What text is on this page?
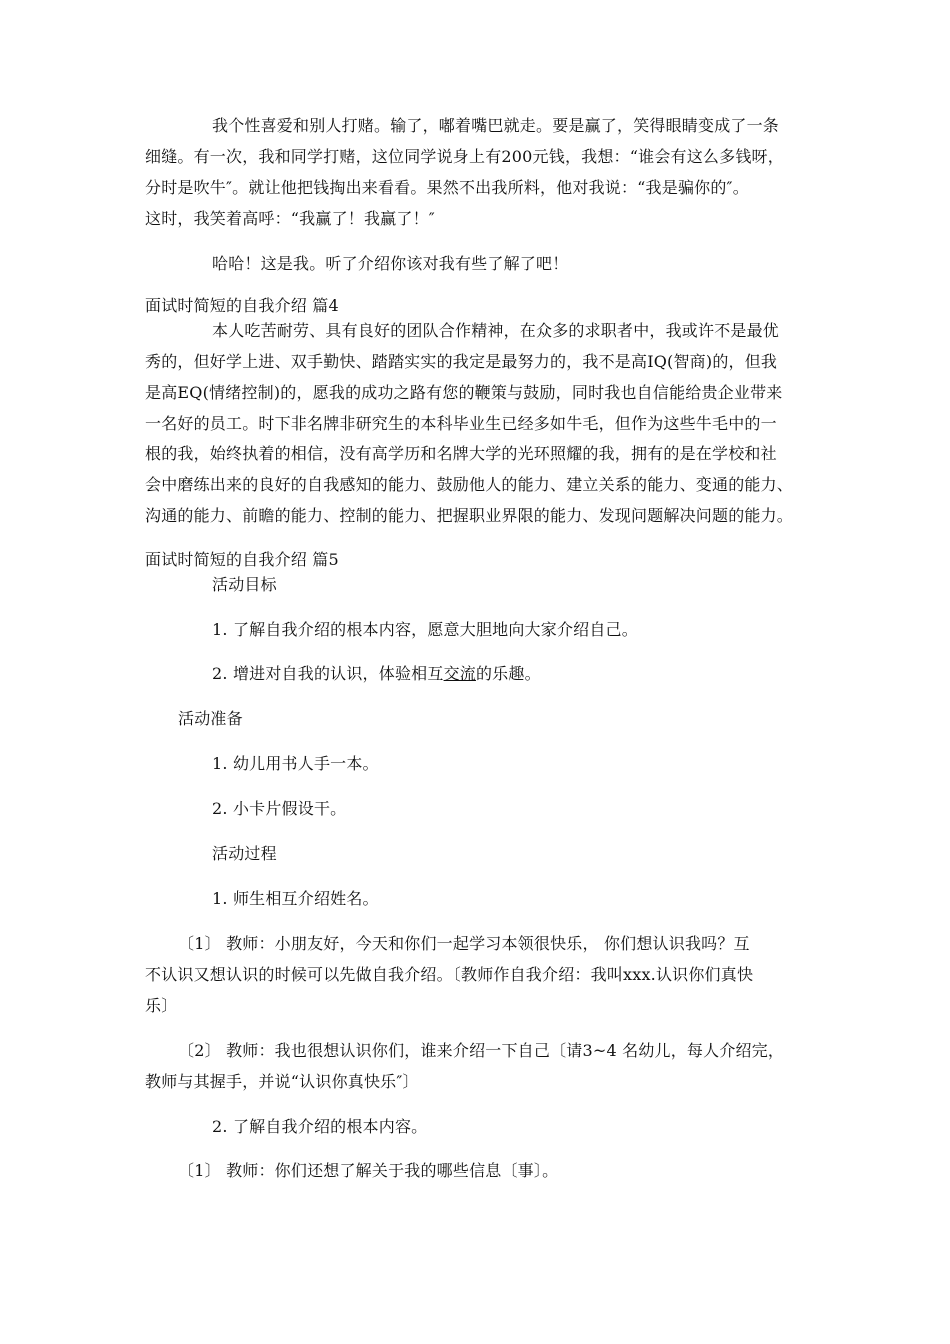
我个性喜爱和别人打赌。输了，嘟着嘴巴就走。要是赢了，笑得眼睛变成了一条
细缝。有一次，我和同学打赌，这位同学说身上有200元钱，我想：“谁会有这么多钱呀，
分时是吹牛″。就让他把钱掏出来看看。果然不出我所料，他对我说：“我是骗你的″。
这时，我笑着高呼：“我赢了！我赢了！″
哈哈！这是我。听了介绍你该对我有些了解了吧！
面试时简短的自我介绍 篇4
本人吃苦耐劳、具有良好的团队合作精神，在众多的求职者中，我或许不是最优
秀的，但好学上进、双手勤快、踏踏实实的我定是最努力的，我不是高IQ(智商)的，但我
是高EQ(情绪控制)的，愿我的成功之路有您的鞭策与鼓励，同时我也自信能给贵企业带来
一名好的员工。时下非名牌非研究生的本科毕业生已经多如牛毛，但作为这些牛毛中的一
根的我，始终执着的相信，没有高学历和名牌大学的光环照耀的我，拥有的是在学校和社
会中磨练出来的良好的自我感知的能力、鼓励他人的能力、建立关系的能力、变通的能力、
沟通的能力、前瞻的能力、控制的能力、把握职业界限的能力、发现问题解决问题的能力。
面试时简短的自我介绍 篇5
活动目标
1. 了解自我介绍的根本内容，愿意大胆地向大家介绍自己。
2. 增进对自我的认识，体验相互交流的乐趣。
活动准备
1. 幼儿用书人手一本。
2. 小卡片假设干。
活动过程
1. 师生相互介绍姓名。
〔1〕 教师：小朋友好，今天和你们一起学习本领很快乐， 你们想认识我吗？互
不认识又想认识的时候可以先做自我介绍。〔教师作自我介绍：我叫xxx.认识你们真快
乐〕
〔2〕 教师：我也很想认识你们，谁来介绍一下自己〔请3~4 名幼儿，每人介绍完，
教师与其握手，并说“认识你真快乐″〕
2. 了解自我介绍的根本内容。
〔1〕 教师：你们还想了解关于我的哪些信息〔事〕。
